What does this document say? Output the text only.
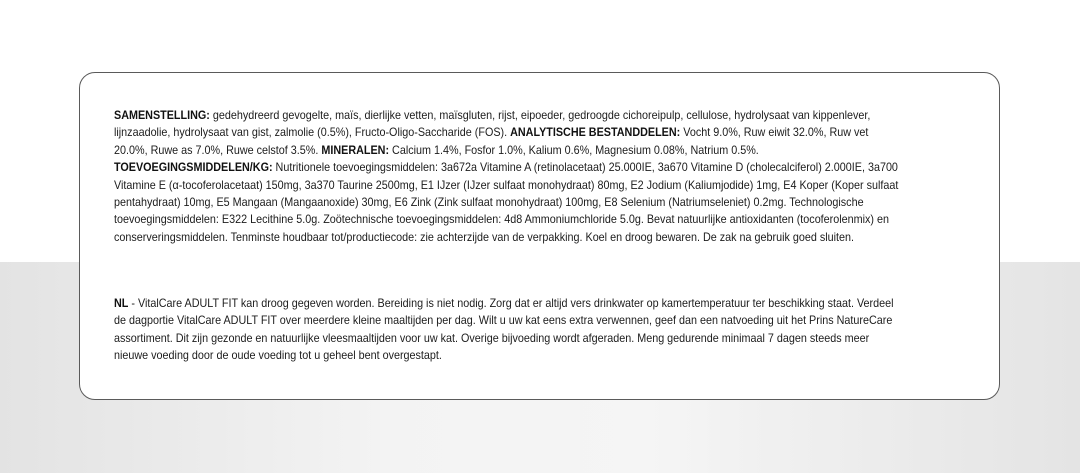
SAMENSTELLING: gedehydreerd gevogelte, maïs, dierlijke vetten, maïsgluten, rijst, eipoeder, gedroogde cichoreipulp, cellulose, hydrolysaat van kippenlever, lijnzaadolie, hydrolysaat van gist, zalmolie (0.5%), Fructo-Oligo-Saccharide (FOS). ANALYTISCHE BESTANDDELEN: Vocht 9.0%, Ruw eiwit 32.0%, Ruw vet 20.0%, Ruwe as 7.0%, Ruwe celstof 3.5%. MINERALEN: Calcium 1.4%, Fosfor 1.0%, Kalium 0.6%, Magnesium 0.08%, Natrium 0.5%. TOEVOEGINGSMIDDELEN/KG: Nutritionele toevoegingsmiddelen: 3a672a Vitamine A (retinolacetaat) 25.000IE, 3a670 Vitamine D (cholecalciferol) 2.000IE, 3a700 Vitamine E (α-tocoferolacetaat) 150mg, 3a370 Taurine 2500mg, E1 IJzer (IJzer sulfaat monohydraat) 80mg, E2 Jodium (Kaliumjodide) 1mg, E4 Koper (Koper sulfaat pentahydraat) 10mg, E5 Mangaan (Mangaanoxide) 30mg, E6 Zink (Zink sulfaat monohydraat) 100mg, E8 Selenium (Natriumseleniet) 0.2mg. Technologische toevoegingsmiddelen: E322 Lecithine 5.0g. Zoötechnische toevoegingsmiddelen: 4d8 Ammoniumchloride 5.0g. Bevat natuurlijke antioxidanten (tocoferolenmix) en conserveringsmiddelen. Tenminste houdbaar tot/productiecode: zie achterzijde van de verpakking. Koel en droog bewaren. De zak na gebruik goed sluiten.

NL - VitalCare ADULT FIT kan droog gegeven worden. Bereiding is niet nodig. Zorg dat er altijd vers drinkwater op kamertemperatuur ter beschikking staat. Verdeel de dagportie VitalCare ADULT FIT over meerdere kleine maaltijden per dag. Wilt u uw kat eens extra verwennen, geef dan een natvoeding uit het Prins NatureCare assortiment. Dit zijn gezonde en natuurlijke vleesmaaltijden voor uw kat. Overige bijvoeding wordt afgeraden. Meng gedurende minimaal 7 dagen steeds meer nieuwe voeding door de oude voeding tot u geheel bent overgestapt.
